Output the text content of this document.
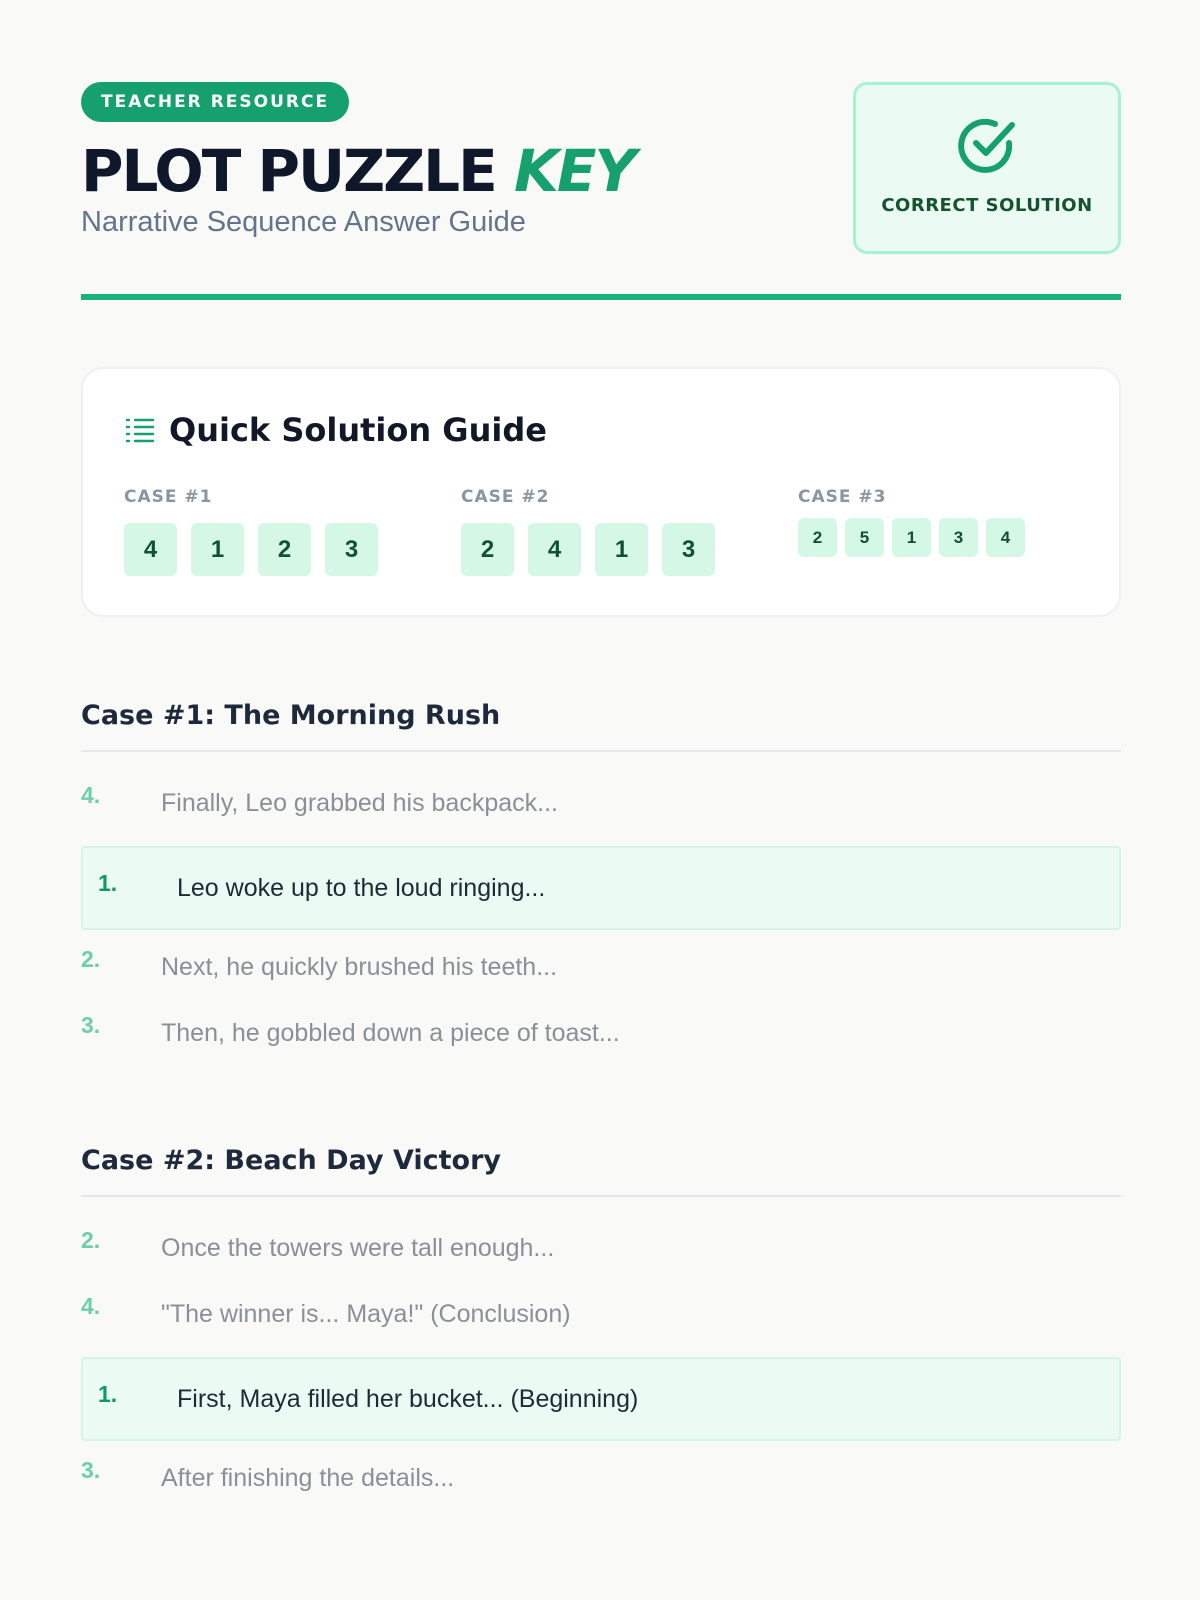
TEACHER RESOURCE
PLOT PUZZLE KEY
Narrative Sequence Answer Guide
CORRECT SOLUTION
Quick Solution Guide
CASE #1
4	1	2	3
CASE #2
2	4	1	3
CASE #3
2	5	1	3	4
Case #1: The Morning Rush
4. Finally, Leo grabbed his backpack...
1. Leo woke up to the loud ringing...
2. Next, he quickly brushed his teeth...
3. Then, he gobbled down a piece of toast...
Case #2: Beach Day Victory
2. Once the towers were tall enough...
4. "The winner is... Maya!" (Conclusion)
1. First, Maya filled her bucket... (Beginning)
3. After finishing the details...
